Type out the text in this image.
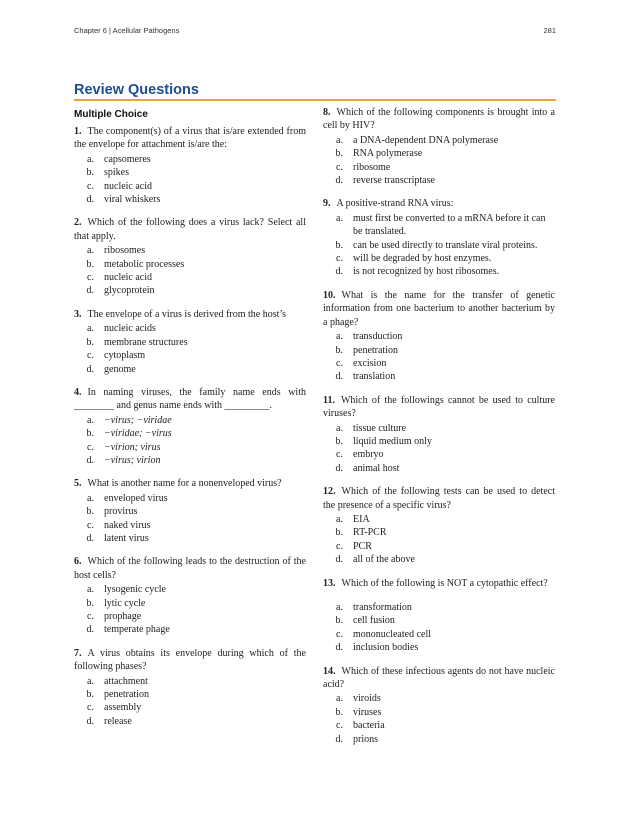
Chapter 6 | Acellular Pathogens	281
Review Questions
Multiple Choice

1. The component(s) of a virus that is/are extended from the envelope for attachment is/are the:

a.	capsomeres
b.	spikes
c.	nucleic acid
d.	viral whiskers

2. Which of the following does a virus lack? Select all that apply.

a.	ribosomes
b.	metabolic processes
c.	nucleic acid
d.	glycoprotein

3. The envelope of a virus is derived from the host’s

a.	nucleic acids
b.	membrane structures
c.	cytoplasm
d.	genome

4. In naming viruses, the family name ends with ________ and genus name ends with _________.

a.	−virus; −viridae
b.	−viridae; −virus
c.	−virion; virus
d.	−virus; virion

5. What is another name for a nonenveloped virus?

a.	enveloped virus
b.	provirus
c.	naked virus
d.	latent virus

6. Which of the following leads to the destruction of the host cells?

a.	lysogenic cycle
b.	lytic cycle
c.	prophage
d.	temperate phage

7. A virus obtains its envelope during which of the following phases?

a.	attachment
b.	penetration
c.	assembly
d.	release

8. Which of the following components is brought into a cell by HIV?

a.	a DNA-dependent DNA polymerase
b.	RNA polymerase
c.	ribosome
d.	reverse transcriptase

9. A positive-strand RNA virus:

a.	must first be converted to a mRNA before it can be translated.
b.	can be used directly to translate viral proteins.
c.	will be degraded by host enzymes.
d.	is not recognized by host ribosomes.

10. What is the name for the transfer of genetic information from one bacterium to another bacterium by a phage?

a.	transduction
b.	penetration
c.	excision
d.	translation

11. Which of the followings cannot be used to culture viruses?

a.	tissue culture
b.	liquid medium only
c.	embryo
d.	animal host

12. Which of the following tests can be used to detect the presence of a specific virus?

a.	EIA
b.	RT-PCR
c.	PCR
d.	all of the above

13. Which of the following is NOT a cytopathic effect?

a.	transformation
b.	cell fusion
c.	mononucleated cell
d.	inclusion bodies

14. Which of these infectious agents do not have nucleic acid?

a.	viroids
b.	viruses
c.	bacteria
d.	prions
